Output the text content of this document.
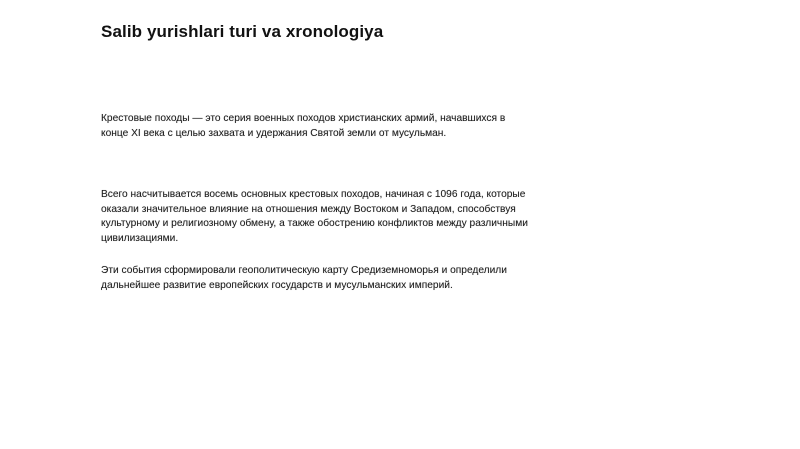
Salib yurishlari turi va xronologiya

Крестовые походы — это серия военных походов христианских армий, начавшихся в конце XI века с целью захвата и удержания Святой земли от мусульман.

Всего насчитывается восемь основных крестовых походов, начиная с 1096 года, которые оказали значительное влияние на отношения между Востоком и Западом, способствуя культурному и религиозному обмену, а также обострению конфликтов между различными цивилизациями.

Эти события сформировали геополитическую карту Средиземноморья и определили дальнейшее развитие европейских государств и мусульманских империй.
